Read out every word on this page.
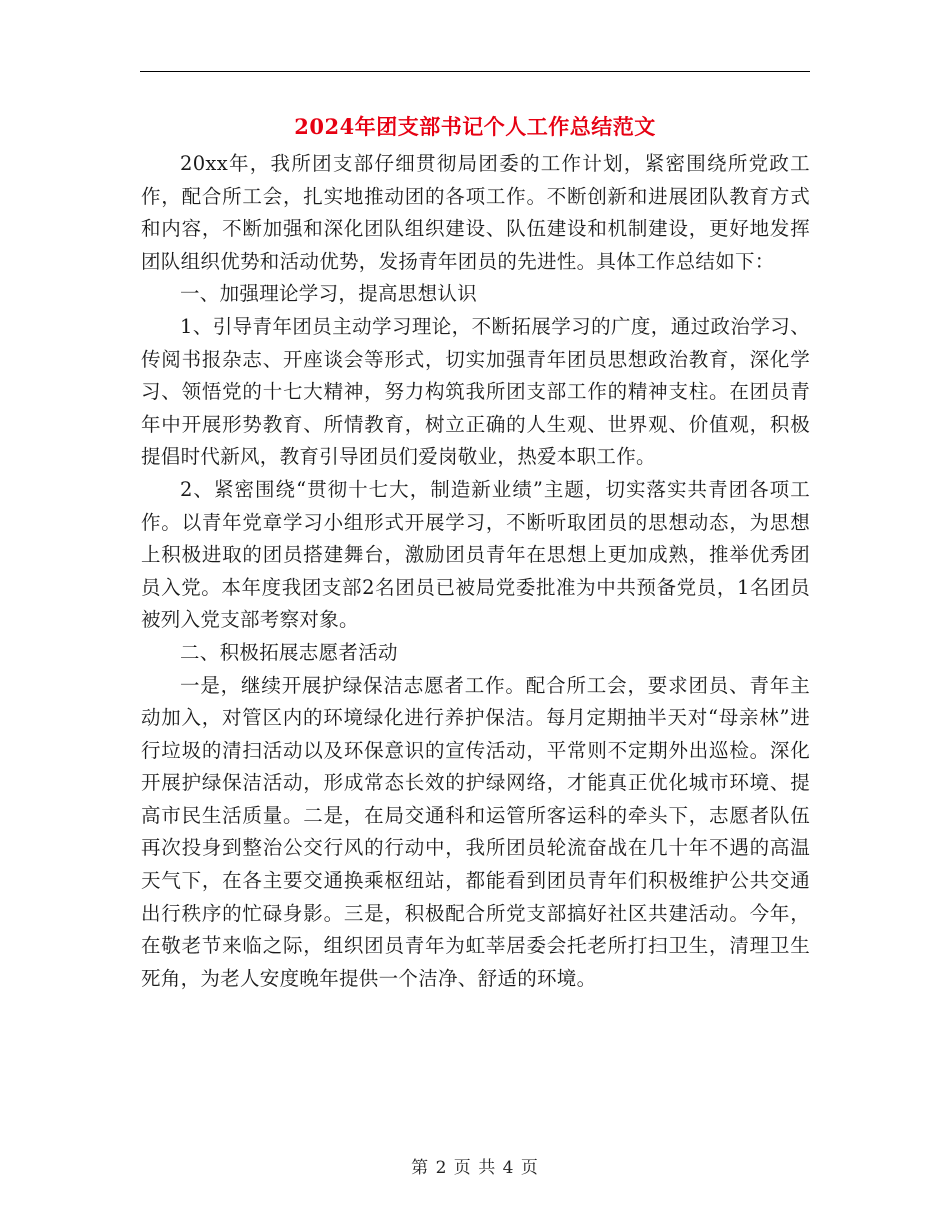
2024年团支部书记个人工作总结范文

20xx年，我所团支部仔细贯彻局团委的工作计划，紧密围绕所党政工作，配合所工会，扎实地推动团的各项工作。不断创新和进展团队教育方式和内容，不断加强和深化团队组织建设、队伍建设和机制建设，更好地发挥团队组织优势和活动优势，发扬青年团员的先进性。具体工作总结如下：

一、加强理论学习，提高思想认识

1、引导青年团员主动学习理论，不断拓展学习的广度，通过政治学习、传阅书报杂志、开座谈会等形式，切实加强青年团员思想政治教育，深化学习、领悟党的十七大精神，努力构筑我所团支部工作的精神支柱。在团员青年中开展形势教育、所情教育，树立正确的人生观、世界观、价值观，积极提倡时代新风，教育引导团员们爱岗敬业，热爱本职工作。

2、紧密围绕“贯彻十七大，制造新业绩”主题，切实落实共青团各项工作。以青年党章学习小组形式开展学习，不断听取团员的思想动态，为思想上积极进取的团员搭建舞台，激励团员青年在思想上更加成熟，推举优秀团员入党。本年度我团支部2名团员已被局党委批准为中共预备党员，1名团员被列入党支部考察对象。

二、积极拓展志愿者活动

一是，继续开展护绿保洁志愿者工作。配合所工会，要求团员、青年主动加入，对管区内的环境绿化进行养护保洁。每月定期抽半天对“母亲林”进行垃圾的清扫活动以及环保意识的宣传活动，平常则不定期外出巡检。深化开展护绿保洁活动，形成常态长效的护绿网络，才能真正优化城市环境、提高市民生活质量。二是，在局交通科和运管所客运科的牵头下，志愿者队伍再次投身到整治公交行风的行动中，我所团员轮流奋战在几十年不遇的高温天气下，在各主要交通换乘枢纽站，都能看到团员青年们积极维护公共交通出行秩序的忙碌身影。三是，积极配合所党支部搞好社区共建活动。今年，在敬老节来临之际，组织团员青年为虹莘居委会托老所打扫卫生，清理卫生死角，为老人安度晚年提供一个洁净、舒适的环境。

第 2 页 共 4 页
